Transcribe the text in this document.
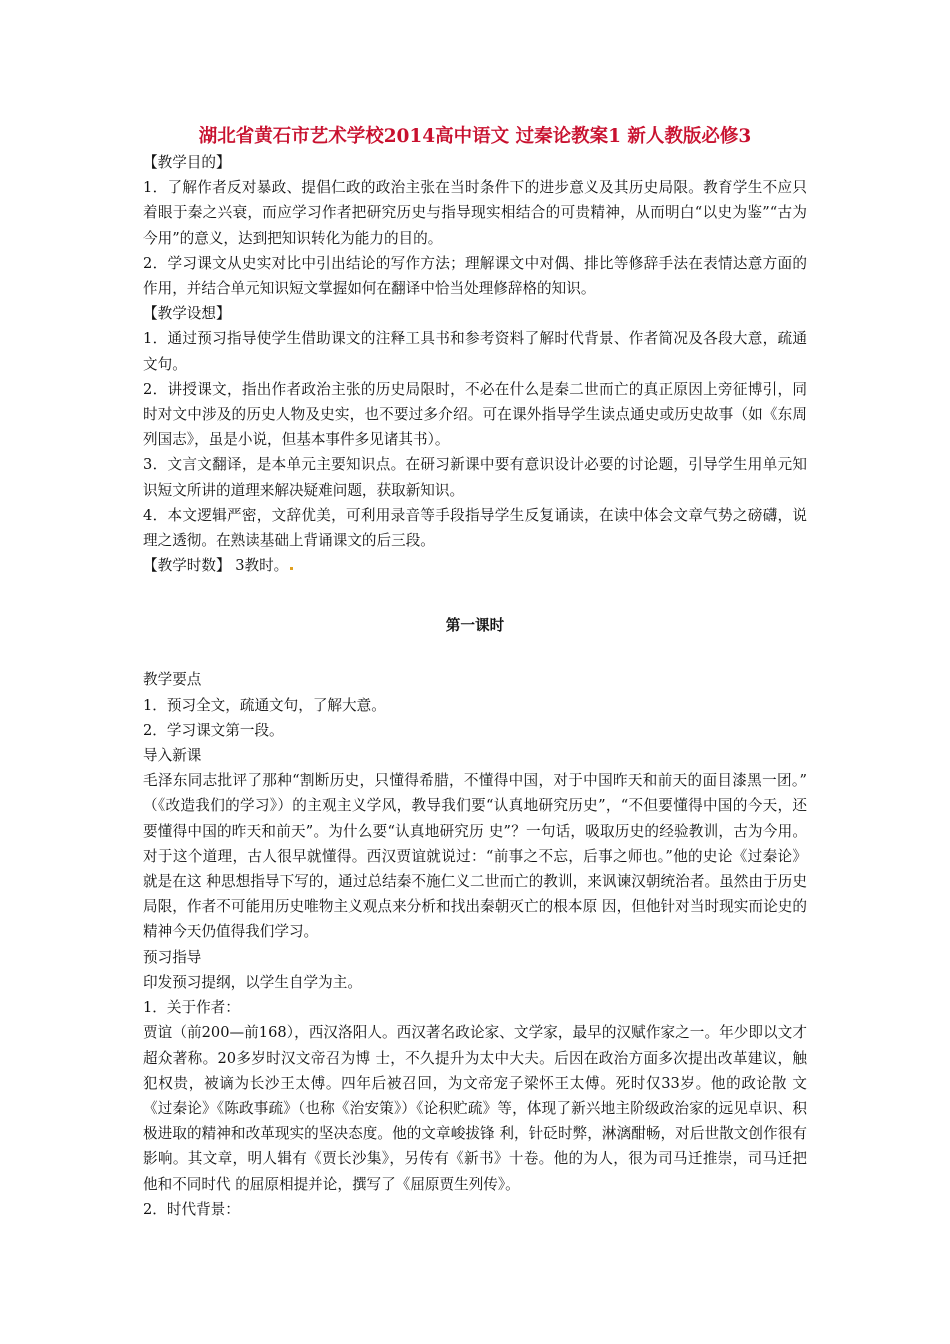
湖北省黄石市艺术学校2014高中语文 过秦论教案1 新人教版必修3

【教学目的】

1．了解作者反对暴政、提倡仁政的政治主张在当时条件下的进步意义及其历史局限。教育学生不应只着眼于秦之兴衰，而应学习作者把研究历史与指导现实相结合的可贵精神，从而明白“以史为鉴”“古为今用”的意义，达到把知识转化为能力的目的。

2．学习课文从史实对比中引出结论的写作方法；理解课文中对偶、排比等修辞手法在表情达意方面的作用，并结合单元知识短文掌握如何在翻译中恰当处理修辞格的知识。

【教学设想】

1．通过预习指导使学生借助课文的注释工具书和参考资料了解时代背景、作者简况及各段大意，疏通文句。

2．讲授课文，指出作者政治主张的历史局限时，不必在什么是秦二世而亡的真正原因上旁征博引，同时对文中涉及的历史人物及史实，也不要过多介绍。可在课外指导学生读点通史或历史故事（如《东周列国志》，虽是小说，但基本事件多见诸其书）。

3．文言文翻译，是本单元主要知识点。在研习新课中要有意识设计必要的讨论题，引导学生用单元知识短文所讲的道理来解决疑难问题，获取新知识。

4．本文逻辑严密，文辞优美，可利用录音等手段指导学生反复诵读，在读中体会文章气势之磅礴，说理之透彻。在熟读基础上背诵课文的后三段。

【教学时数】 3教时。

第一课时

教学要点

1．预习全文，疏通文句，了解大意。

2．学习课文第一段。

导入新课

毛泽东同志批评了那种“割断历史，只懂得希腊，不懂得中国，对于中国昨天和前天的面目漆黑一团。”　（《改造我们的学习》）的主观主义学风，教导我们要“认真地研究历史”，“不但要懂得中国的今天，还要懂得中国的昨天和前天”。为什么要“认真地研究历 史”？一句话，吸取历史的经验教训，古为今用。对于这个道理，古人很早就懂得。西汉贾谊就说过：“前事之不忘，后事之师也。”他的史论《过秦论》就是在这 种思想指导下写的，通过总结秦不施仁义二世而亡的教训，来讽谏汉朝统治者。虽然由于历史局限，作者不可能用历史唯物主义观点来分析和找出秦朝灭亡的根本原 因，但他针对当时现实而论史的精神今天仍值得我们学习。

预习指导

印发预习提纲，以学生自学为主。

1．关于作者：

贾谊（前200—前168），西汉洛阳人。西汉著名政论家、文学家，最早的汉赋作家之一。年少即以文才超众著称。20多岁时汉文帝召为博 士，不久提升为太中大夫。后因在政治方面多次提出改革建议，触犯权贵，被谪为长沙王太傅。四年后被召回，为文帝宠子梁怀王太傅。死时仅33岁。他的政论散 文《过秦论》《陈政事疏》（也称《治安策》）《论积贮疏》等，体现了新兴地主阶级政治家的远见卓识、积极进取的精神和改革现实的坚决态度。他的文章峻拔锋 利，针砭时弊，淋漓酣畅，对后世散文创作很有影响。其文章，明人辑有《贾长沙集》，另传有《新书》十卷。他的为人，很为司马迁推崇，司马迁把他和不同时代 的屈原相提并论，撰写了《屈原贾生列传》。

2．时代背景：
